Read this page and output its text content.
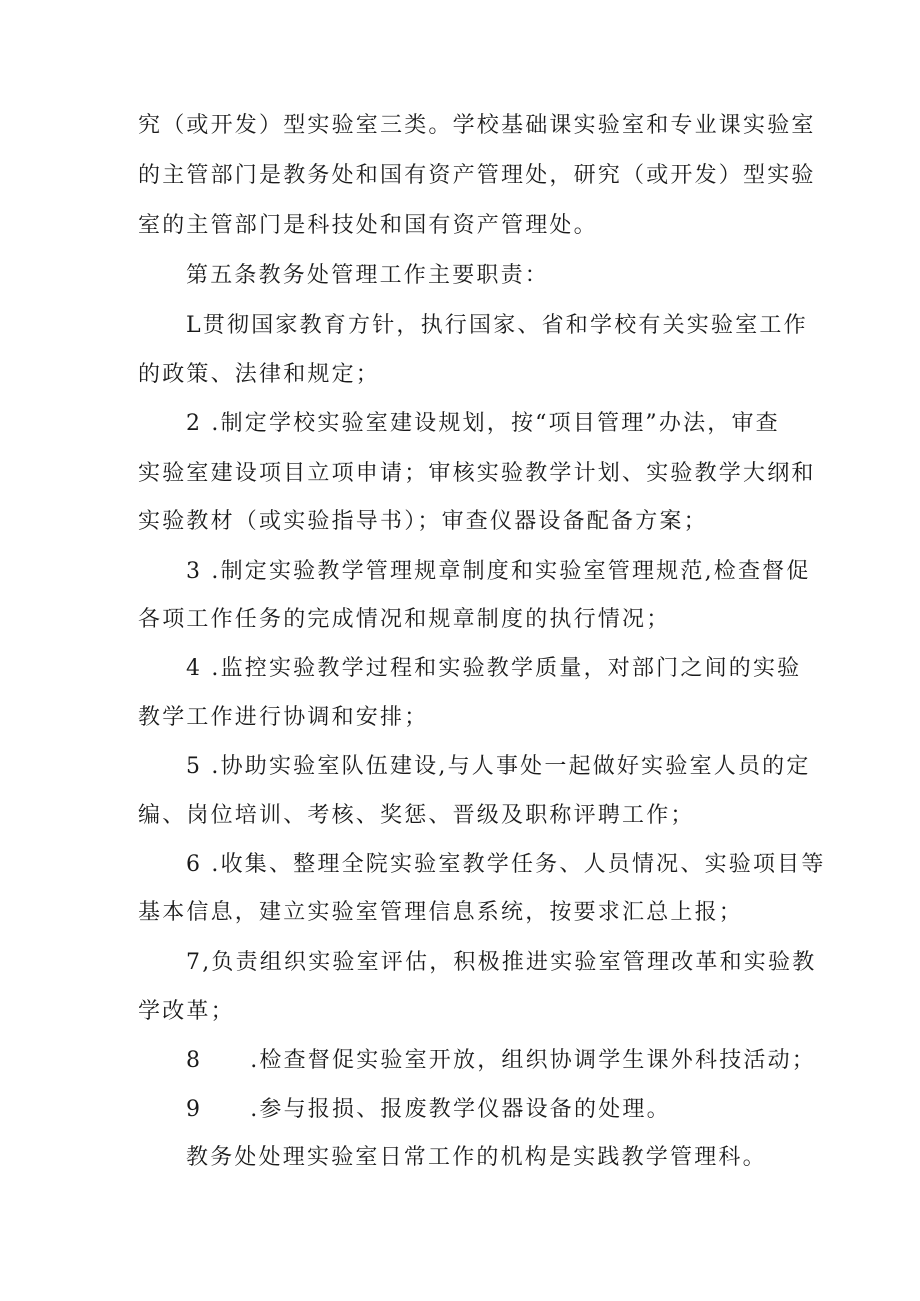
究（或开发）型实验室三类。学校基础课实验室和专业课实验室
的主管部门是教务处和国有资产管理处，研究（或开发）型实验
室的主管部门是科技处和国有资产管理处。
第五条教务处管理工作主要职责：
L贯彻国家教育方针，执行国家、省和学校有关实验室工作
的政策、法律和规定；
2 .制定学校实验室建设规划，按“项目管理”办法，审查
实验室建设项目立项申请；审核实验教学计划、实验教学大纲和
实验教材（或实验指导书）；审查仪器设备配备方案；
3 .制定实验教学管理规章制度和实验室管理规范,检查督促
各项工作任务的完成情况和规章制度的执行情况；
4 .监控实验教学过程和实验教学质量，对部门之间的实验
教学工作进行协调和安排；
5 .协助实验室队伍建设,与人事处一起做好实验室人员的定
编、岗位培训、考核、奖惩、晋级及职称评聘工作；
6 .收集、整理全院实验室教学任务、人员情况、实验项目等
基本信息，建立实验室管理信息系统，按要求汇总上报；
7,负责组织实验室评估，积极推进实验室管理改革和实验教
学改革；
8 .检查督促实验室开放，组织协调学生课外科技活动；
9 .参与报损、报废教学仪器设备的处理。
教务处处理实验室日常工作的机构是实践教学管理科。
